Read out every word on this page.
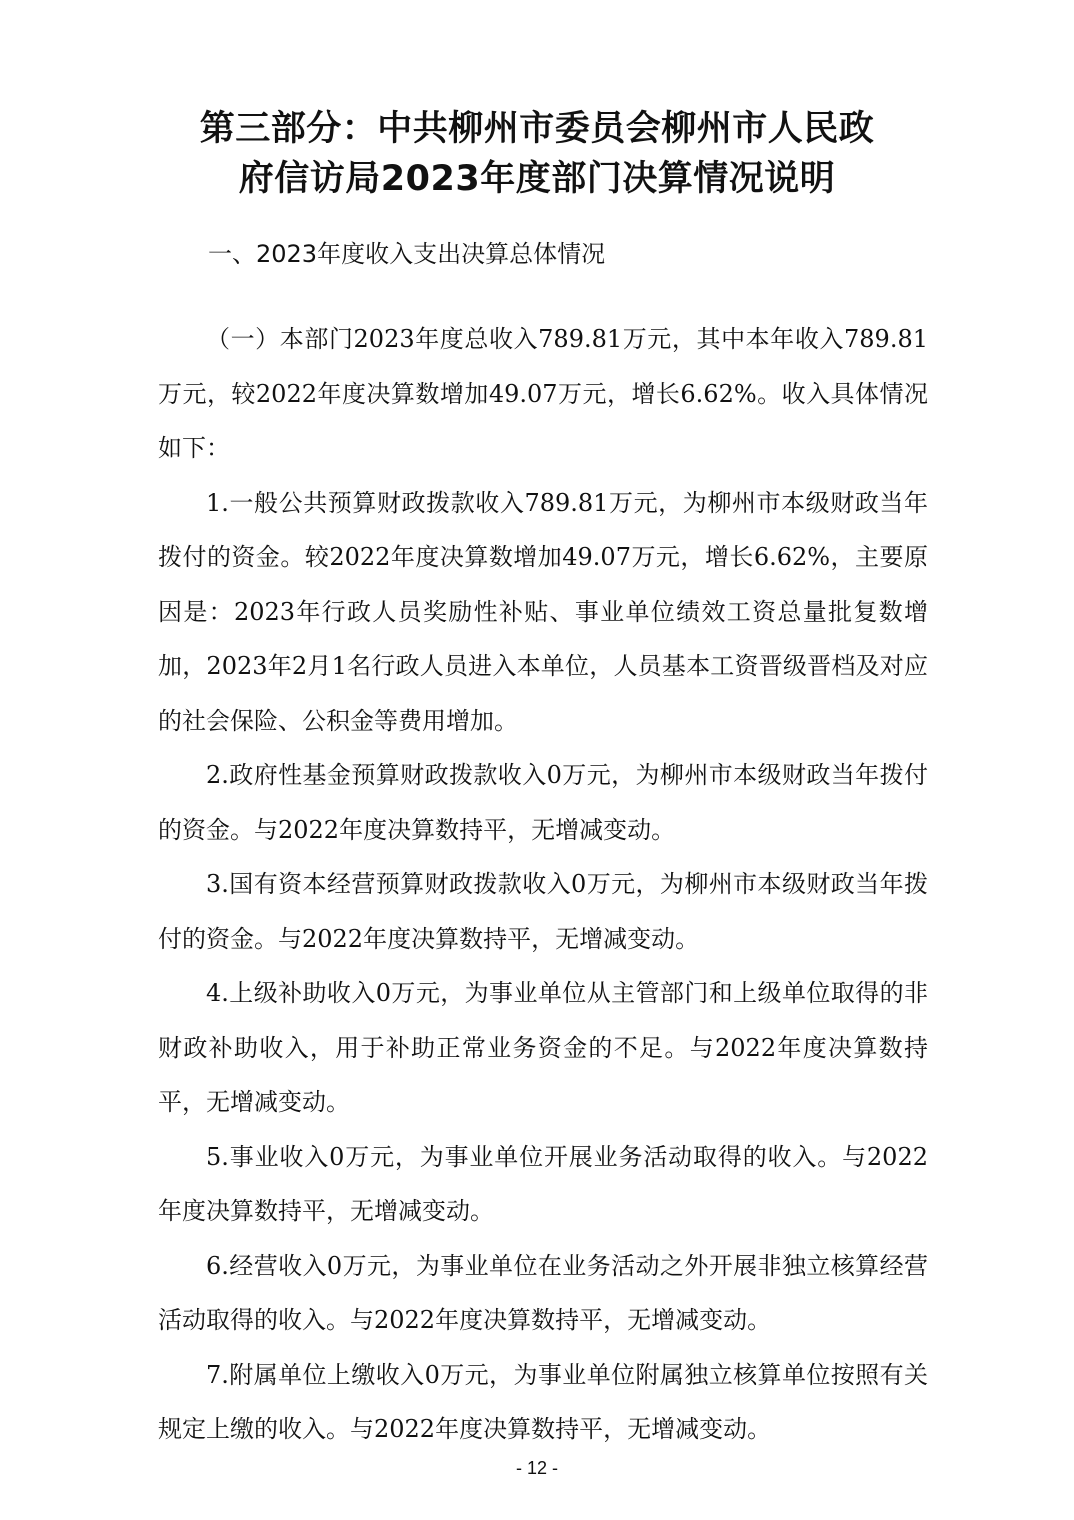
第三部分：中共柳州市委员会柳州市人民政
府信访局2023年度部门决算情况说明
一、2023年度收入支出决算总体情况

（一）本部门2023年度总收入789.81万元，其中本年收入789.81万元，较2022年度决算数增加49.07万元，增长6.62%。收入具体情况如下：

1.一般公共预算财政拨款收入789.81万元，为柳州市本级财政当年拨付的资金。较2022年度决算数增加49.07万元，增长6.62%，主要原因是：2023年行政人员奖励性补贴、事业单位绩效工资总量批复数增加，2023年2月1名行政人员进入本单位，人员基本工资晋级晋档及对应的社会保险、公积金等费用增加。

2.政府性基金预算财政拨款收入0万元，为柳州市本级财政当年拨付的资金。与2022年度决算数持平，无增减变动。

3.国有资本经营预算财政拨款收入0万元，为柳州市本级财政当年拨付的资金。与2022年度决算数持平，无增减变动。

4.上级补助收入0万元，为事业单位从主管部门和上级单位取得的非财政补助收入，用于补助正常业务资金的不足。与2022年度决算数持平，无增减变动。

5.事业收入0万元，为事业单位开展业务活动取得的收入。与2022年度决算数持平，无增减变动。

6.经营收入0万元，为事业单位在业务活动之外开展非独立核算经营活动取得的收入。与2022年度决算数持平，无增减变动。

7.附属单位上缴收入0万元，为事业单位附属独立核算单位按照有关规定上缴的收入。与2022年度决算数持平，无增减变动。

- 12 -
